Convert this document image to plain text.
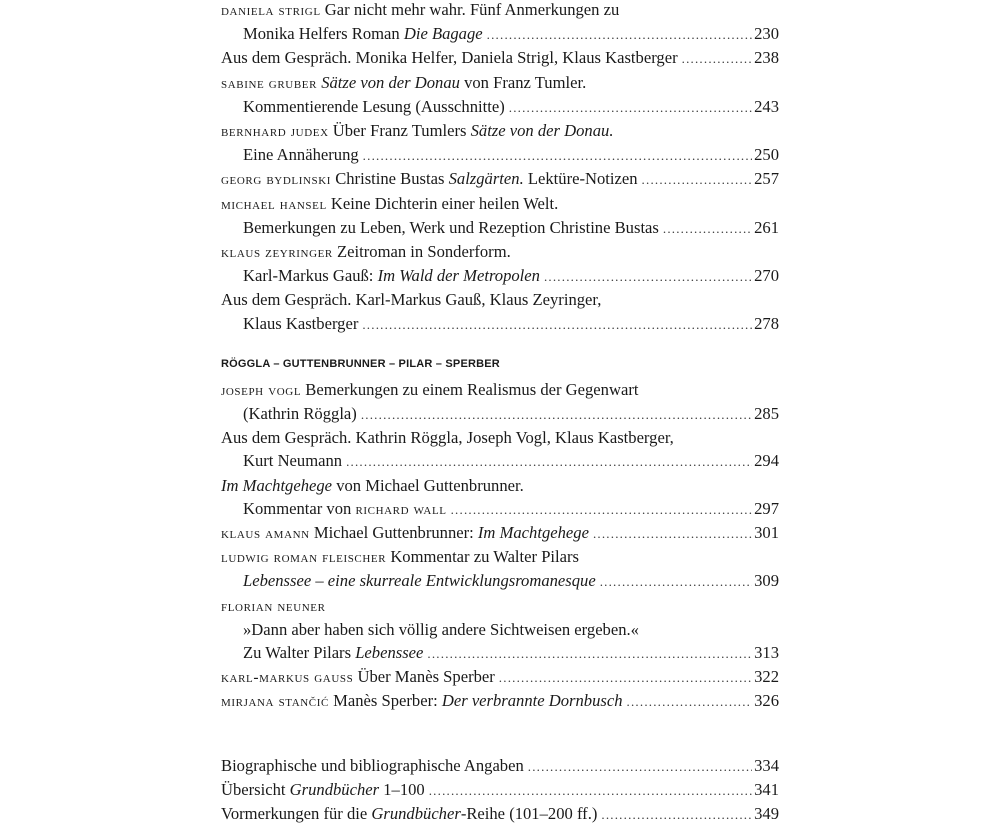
daniela strigl Gar nicht mehr wahr. Fünf Anmerkungen zu
Monika Helfers Roman Die Bagage .....	230
Aus dem Gespräch. Monika Helfer, Daniela Strigl, Klaus Kastberger .....	238
sabine gruber Sätze von der Donau von Franz Tumler.
Kommentierende Lesung (Ausschnitte) .....	243
bernhard judex Über Franz Tumlers Sätze von der Donau.
Eine Annäherung .....	250
georg bydlinski Christine Bustas Salzgärten. Lektüre-Notizen .....	257
michael hansel Keine Dichterin einer heilen Welt.
Bemerkungen zu Leben, Werk und Rezeption Christine Bustas .....	261
klaus zeyringer Zeitroman in Sonderform.
Karl-Markus Gauß: Im Wald der Metropolen .....	270
Aus dem Gespräch. Karl-Markus Gauß, Klaus Zeyringer,
Klaus Kastberger .....	278
RÖGGLA – GUTTENBRUNNER – PILAR – SPERBER
joseph vogl Bemerkungen zu einem Realismus der Gegenwart
(Kathrin Röggla) .....	285
Aus dem Gespräch. Kathrin Röggla, Joseph Vogl, Klaus Kastberger,
Kurt Neumann .....	294
Im Machtgehege von Michael Guttenbrunner.
Kommentar von richard wall .....	297
klaus amann Michael Guttenbrunner: Im Machtgehege .....	301
ludwig roman fleischer Kommentar zu Walter Pilars
Lebenssee – eine skurreale Entwicklungsromanesque .....	309
florian neuner
»Dann aber haben sich völlig andere Sichtweisen ergeben.«
Zu Walter Pilars Lebenssee .....	313
karl-markus gauss Über Manès Sperber .....	322
mirjana stančić Manès Sperber: Der verbrannte Dornbusch .....	326
Biographische und bibliographische Angaben .....	334
Übersicht Grundbücher 1–100 .....	341
Vormerkungen für die Grundbücher-Reihe (101–200 ff.) .....	349
